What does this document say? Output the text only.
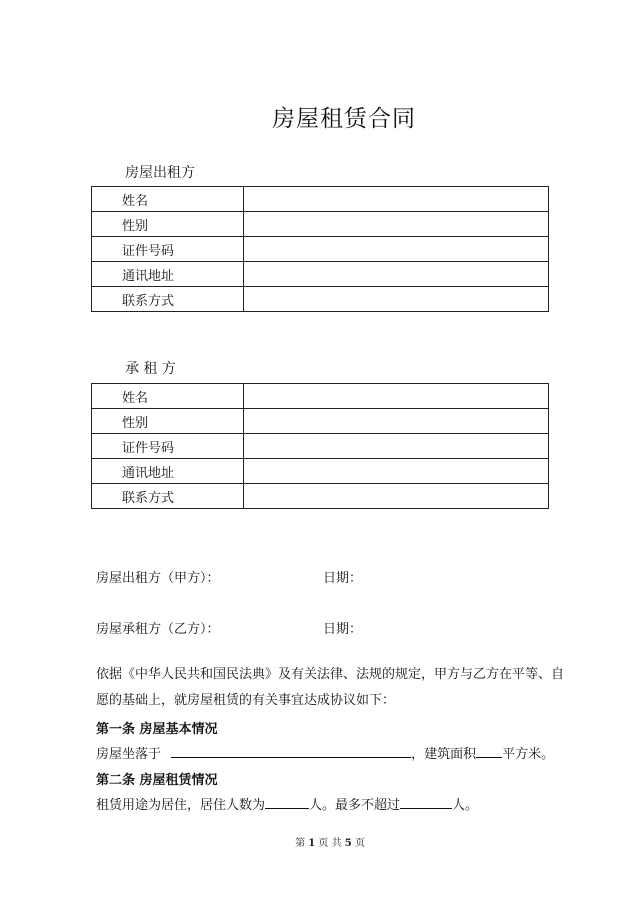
房屋租赁合同
房屋出租方
姓名	
性别	
证件号码	
通讯地址	
联系方式	
承 租 方
姓名	
性别	
证件号码	
通讯地址	
联系方式	
房屋出租方（甲方）：	日期：
房屋承租方（乙方）：	日期：
依据《中华人民共和国民法典》及有关法律、法规的规定，甲方与乙方在平等、自愿的基础上，就房屋租赁的有关事宜达成协议如下：
第一条 房屋基本情况
房屋坐落于	，建筑面积 平方米。
第二条 房屋租赁情况
租赁用途为居住，居住人数为	人。最多不超过	人。
第 1 页 共 5 页
